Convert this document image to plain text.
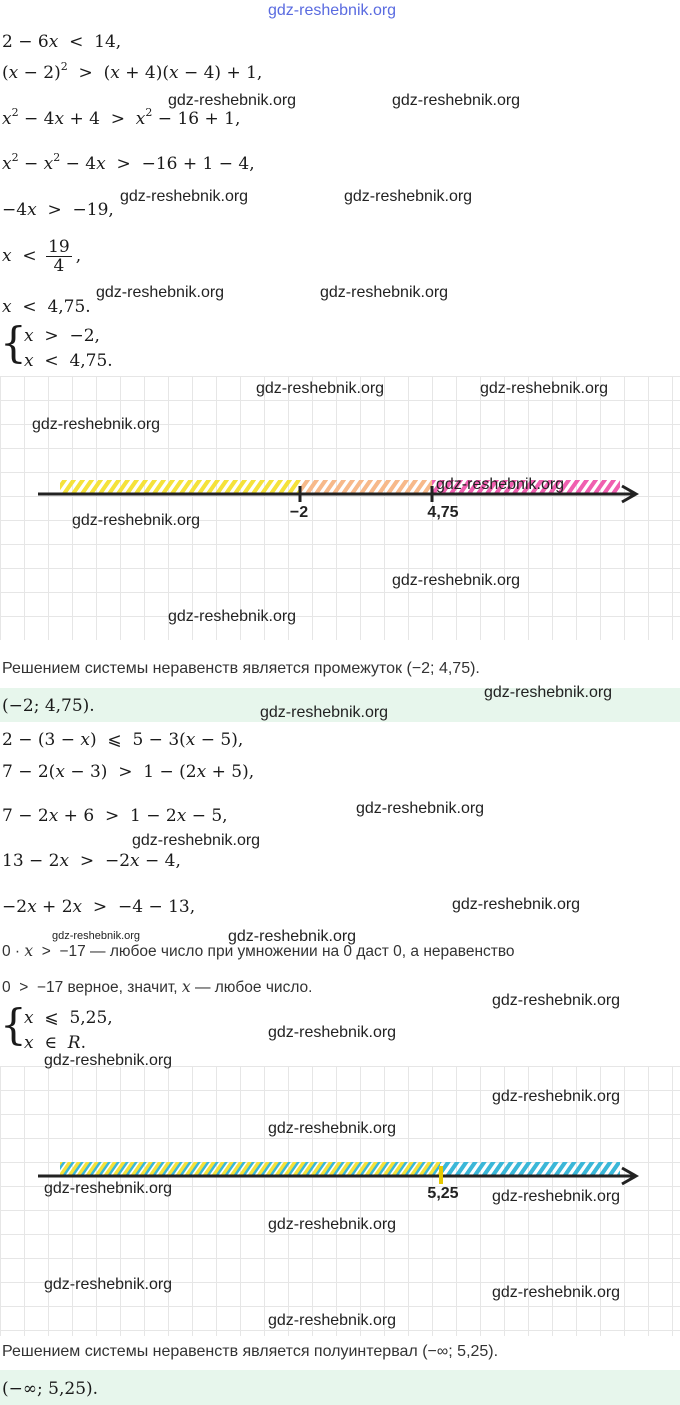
gdz-reshebnik.org
2 − 6x  <  14,
$(x - 2)^2 > (x + 4)(x - 4) + 1$,
$x^2 - 4x + 4 > x^2 - 16 + 1$,
$x^2 - x^2 - 4x > -16 + 1 - 4$,
−4x  >  −19,
$x < \frac{19}{4}$ ,
x  <  4,75.
{
x  >  −2,
x  <  4,75.
−2	4,75
Решением системы неравенств является промежуток (−2; 4,75).
(−2; 4,75).
2 − (3 − x)  ⩽  5 − 3(x − 5),
7 − 2(x − 3)  >  1 − (2x + 5),
7 − 2x + 6  >  1 − 2x − 5,
13 − 2x  >  −2x − 4,
−2x + 2x  >  −4 − 13,
0 · x  >  −17 — любое число при умножении на 0 даст 0, а неравенство
0  >  −17 верное, значит, x — любое число.
{
x  ⩽  5,25,
x  ∈  R.
5,25
Решением системы неравенств является полуинтервал (−∞; 5,25).
(−∞; 5,25).
gdz-reshebnik.org	gdz-reshebnik.org
gdz-reshebnik.org	gdz-reshebnik.org
gdz-reshebnik.org	gdz-reshebnik.org
gdz-reshebnik.org	gdz-reshebnik.org
gdz-reshebnik.org
gdz-reshebnik.org
gdz-reshebnik.org
gdz-reshebnik.org
gdz-reshebnik.org
gdz-reshebnik.org
gdz-reshebnik.org
gdz-reshebnik.org
gdz-reshebnik.org
gdz-reshebnik.org
gdz-reshebnik.org
gdz-reshebnik.org
gdz-reshebnik.org
gdz-reshebnik.org
gdz-reshebnik.org
gdz-reshebnik.org
gdz-reshebnik.org
gdz-reshebnik.org	gdz-reshebnik.org
gdz-reshebnik.org
gdz-reshebnik.org	gdz-reshebnik.org
gdz-reshebnik.org
